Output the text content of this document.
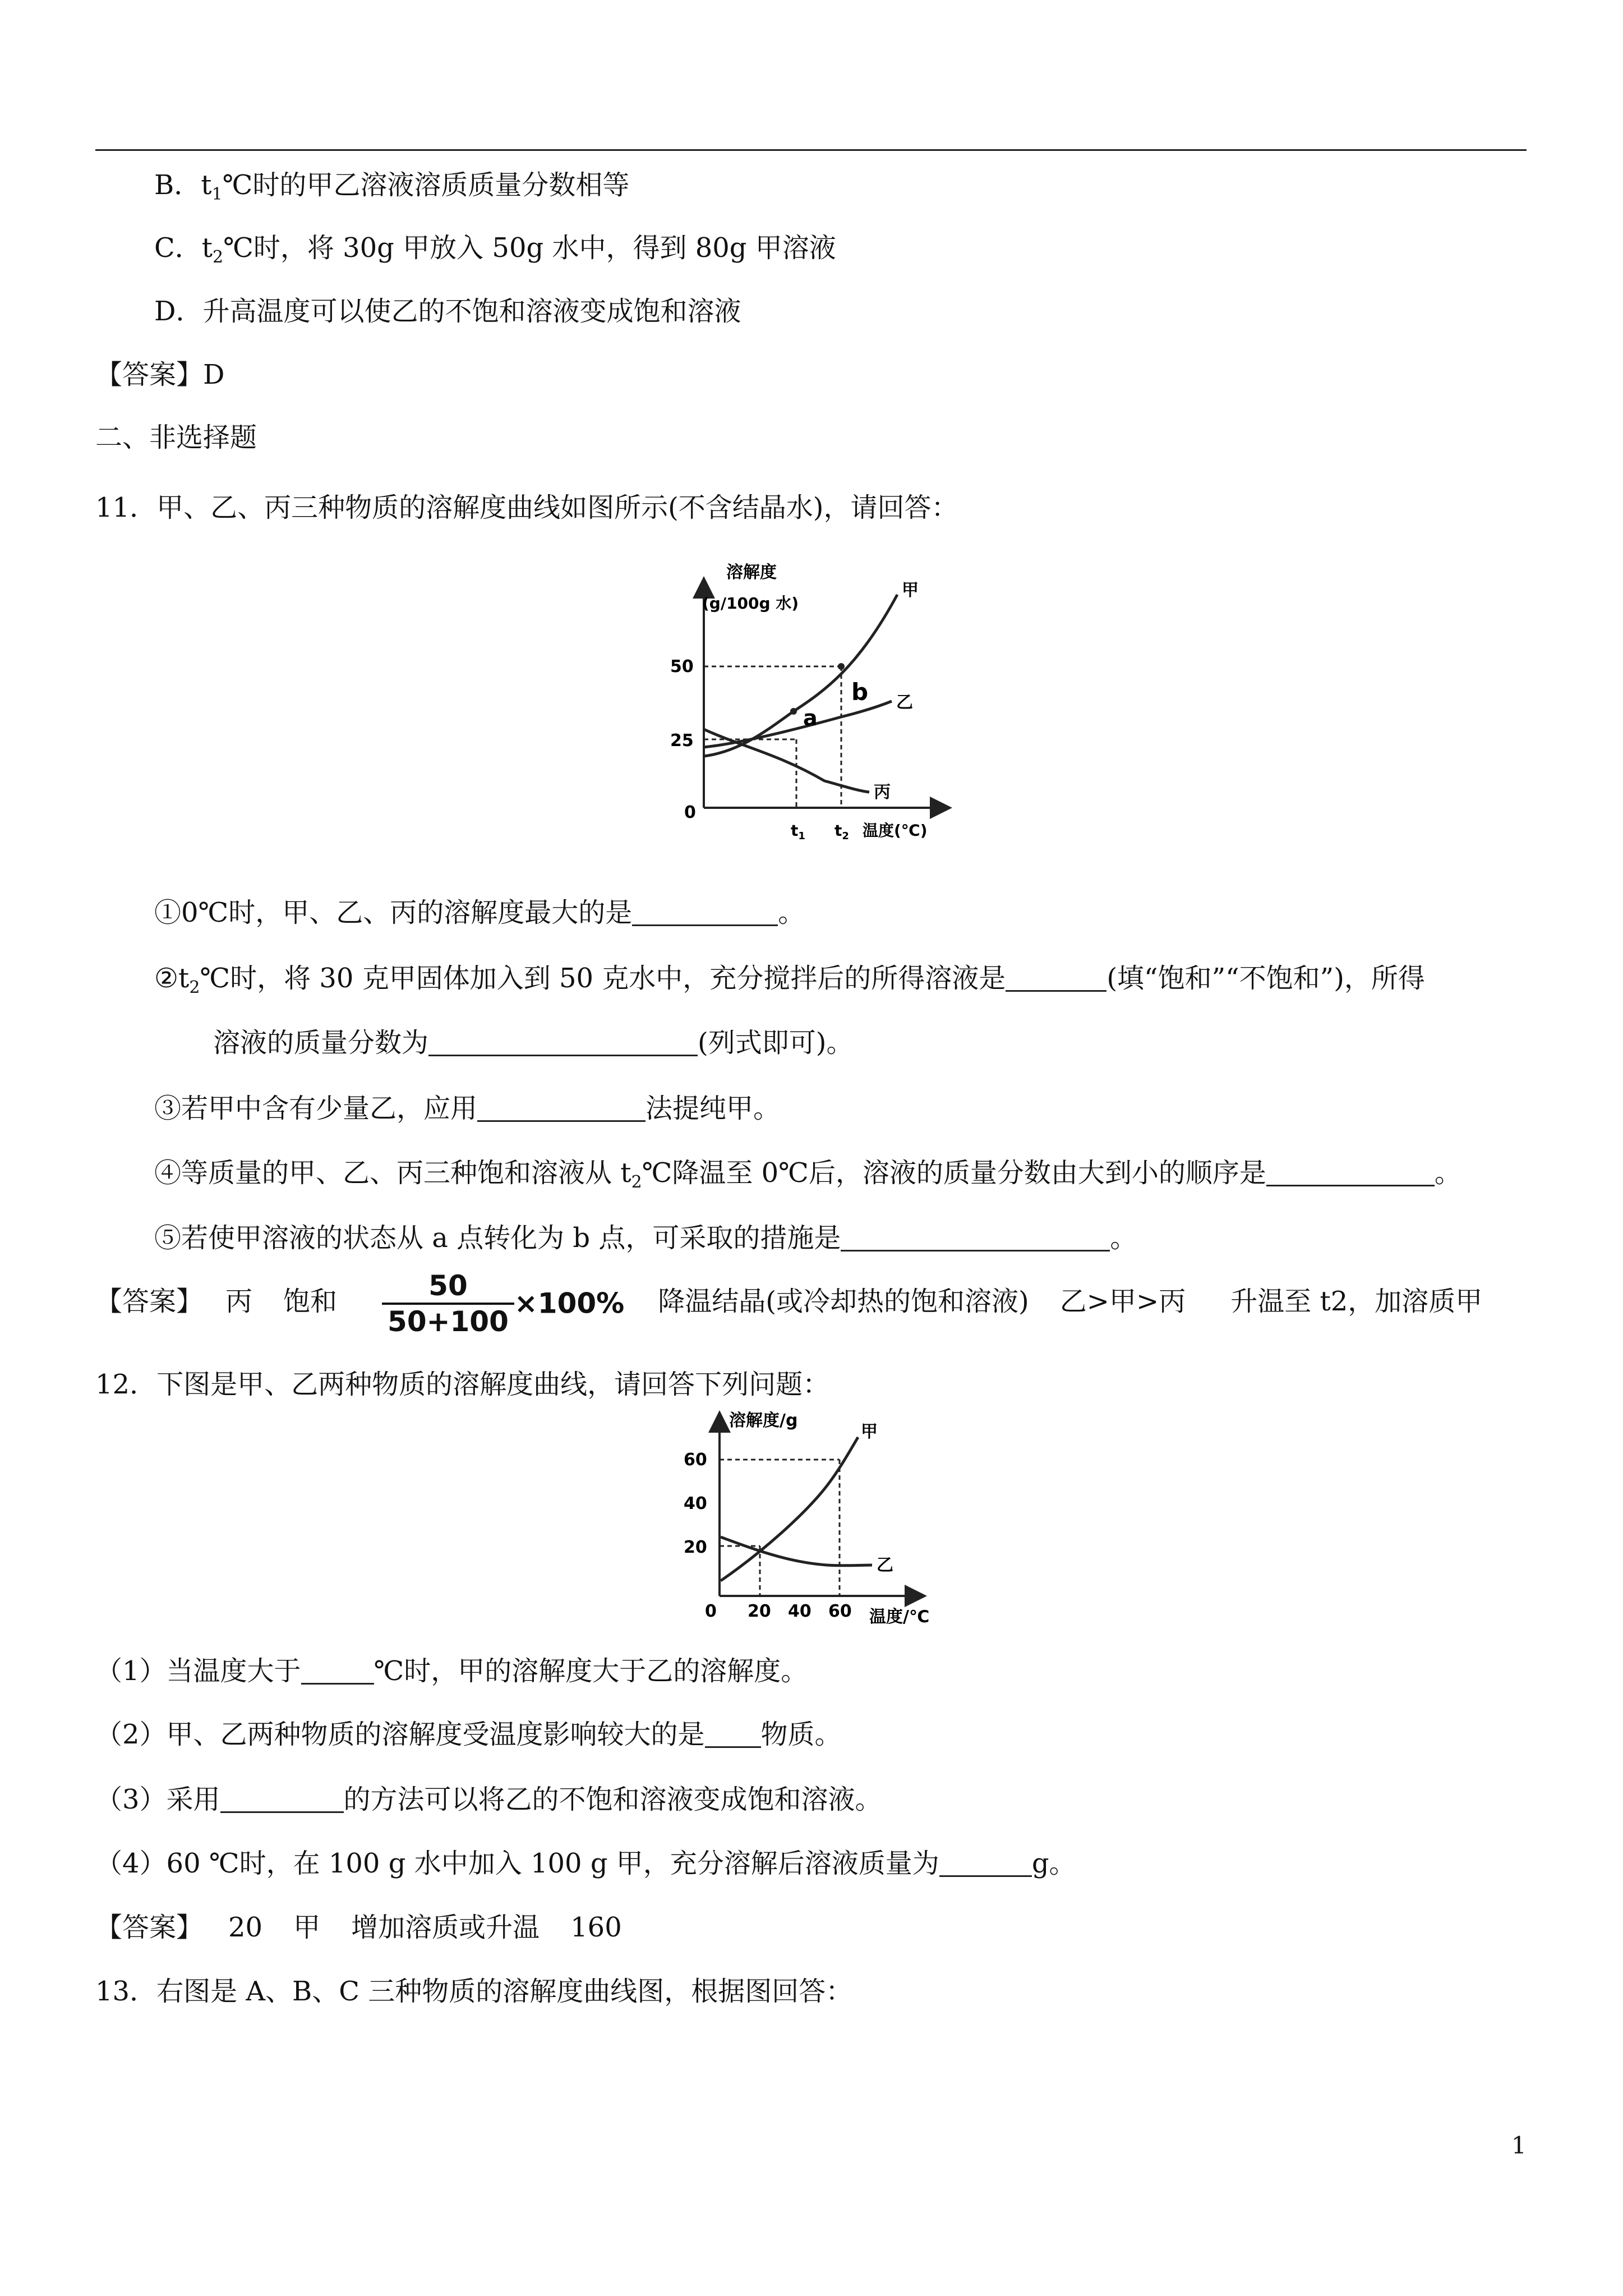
B．$t_1℃$时的甲乙溶液溶质质量分数相等
C．$t_2℃$时，将 30g 甲放入 50g 水中，得到 80g 甲溶液
D．升高温度可以使乙的不饱和溶液变成饱和溶液
【答案】D
二、非选择题
11．甲、乙、丙三种物质的溶解度曲线如图所示(不含结晶水)，请回答：
溶解度
(g/100g 水)
50
25
0
a
b
甲
乙
丙
$t_1$ $t_2$ 温度(℃)
①0℃时，甲、乙、丙的溶解度最大的是	。
$②t_2℃$时，将 30 克甲固体加入到 50 克水中，充分搅拌后的所得溶液是	(填“饱和”“不饱和”)，所得
溶液的质量分数为	(列式即可)。
③若甲中含有少量乙，应用	法提纯甲。
④等质量的甲、乙、丙三种饱和溶液从 $t_2℃$降温至 0℃后，溶液的质量分数由大到小的顺序是	。
⑤若使甲溶液的状态从 a 点转化为 b 点，可采取的措施是	。
【答案】 丙 饱和 $\frac{50}{50+100} \times 100\%$ 降温结晶(或冷却热的饱和溶液) 乙>甲>丙 升温至 t2，加溶质甲
12．下图是甲、乙两种物质的溶解度曲线，请回答下列问题：
溶解度/g
60
40
20
0 20 40 60 温度/℃
甲
乙
（1）当温度大于	℃时，甲的溶解度大于乙的溶解度。
（2）甲、乙两种物质的溶解度受温度影响较大的是 物质。
（3）采用	的方法可以将乙的不饱和溶液变成饱和溶液。
（4）60 ℃时，在 100 g 水中加入 100 g 甲，充分溶解后溶液质量为	g。
【答案】 20 甲 增加溶质或升温 160
13．右图是 A、B、C 三种物质的溶解度曲线图，根据图回答：
1
